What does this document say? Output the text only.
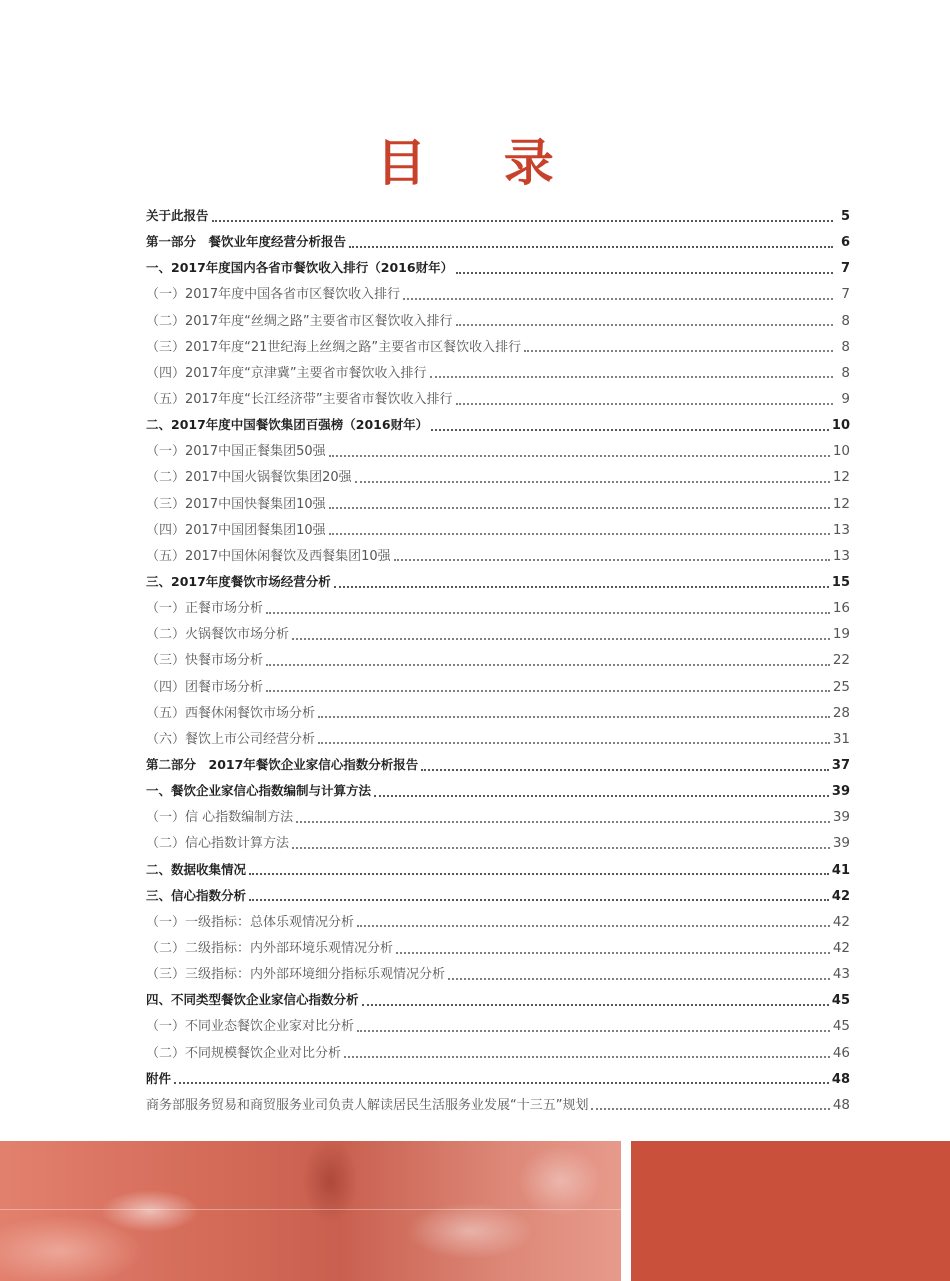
目 录
关于此报告	5
第一部分　餐饮业年度经营分析报告	6
一、2017年度国内各省市餐饮收入排行（2016财年）	7
（一）2017年度中国各省市区餐饮收入排行	7
（二）2017年度“丝绸之路”主要省市区餐饮收入排行	8
（三）2017年度“21世纪海上丝绸之路”主要省市区餐饮收入排行	8
（四）2017年度“京津冀”主要省市餐饮收入排行	8
（五）2017年度“长江经济带”主要省市餐饮收入排行	9
二、2017年度中国餐饮集团百强榜（2016财年）	10
（一）2017中国正餐集团50强	10
（二）2017中国火锅餐饮集团20强	12
（三）2017中国快餐集团10强	12
（四）2017中国团餐集团10强	13
（五）2017中国休闲餐饮及西餐集团10强	13
三、2017年度餐饮市场经营分析	15
（一）正餐市场分析	16
（二）火锅餐饮市场分析	19
（三）快餐市场分析	22
（四）团餐市场分析	25
（五）西餐休闲餐饮市场分析	28
（六）餐饮上市公司经营分析	31
第二部分　2017年餐饮企业家信心指数分析报告	37
一、餐饮企业家信心指数编制与计算方法	39
（一）信 心指数编制方法	39
（二）信心指数计算方法	39
二、数据收集情况	41
三、信心指数分析	42
（一）一级指标：总体乐观情况分析	42
（二）二级指标：内外部环境乐观情况分析	42
（三）三级指标：内外部环境细分指标乐观情况分析	43
四、不同类型餐饮企业家信心指数分析	45
（一）不同业态餐饮企业家对比分析	45
（二）不同规模餐饮企业对比分析	46
附件	48
商务部服务贸易和商贸服务业司负责人解读居民生活服务业发展“十三五”规划	48
